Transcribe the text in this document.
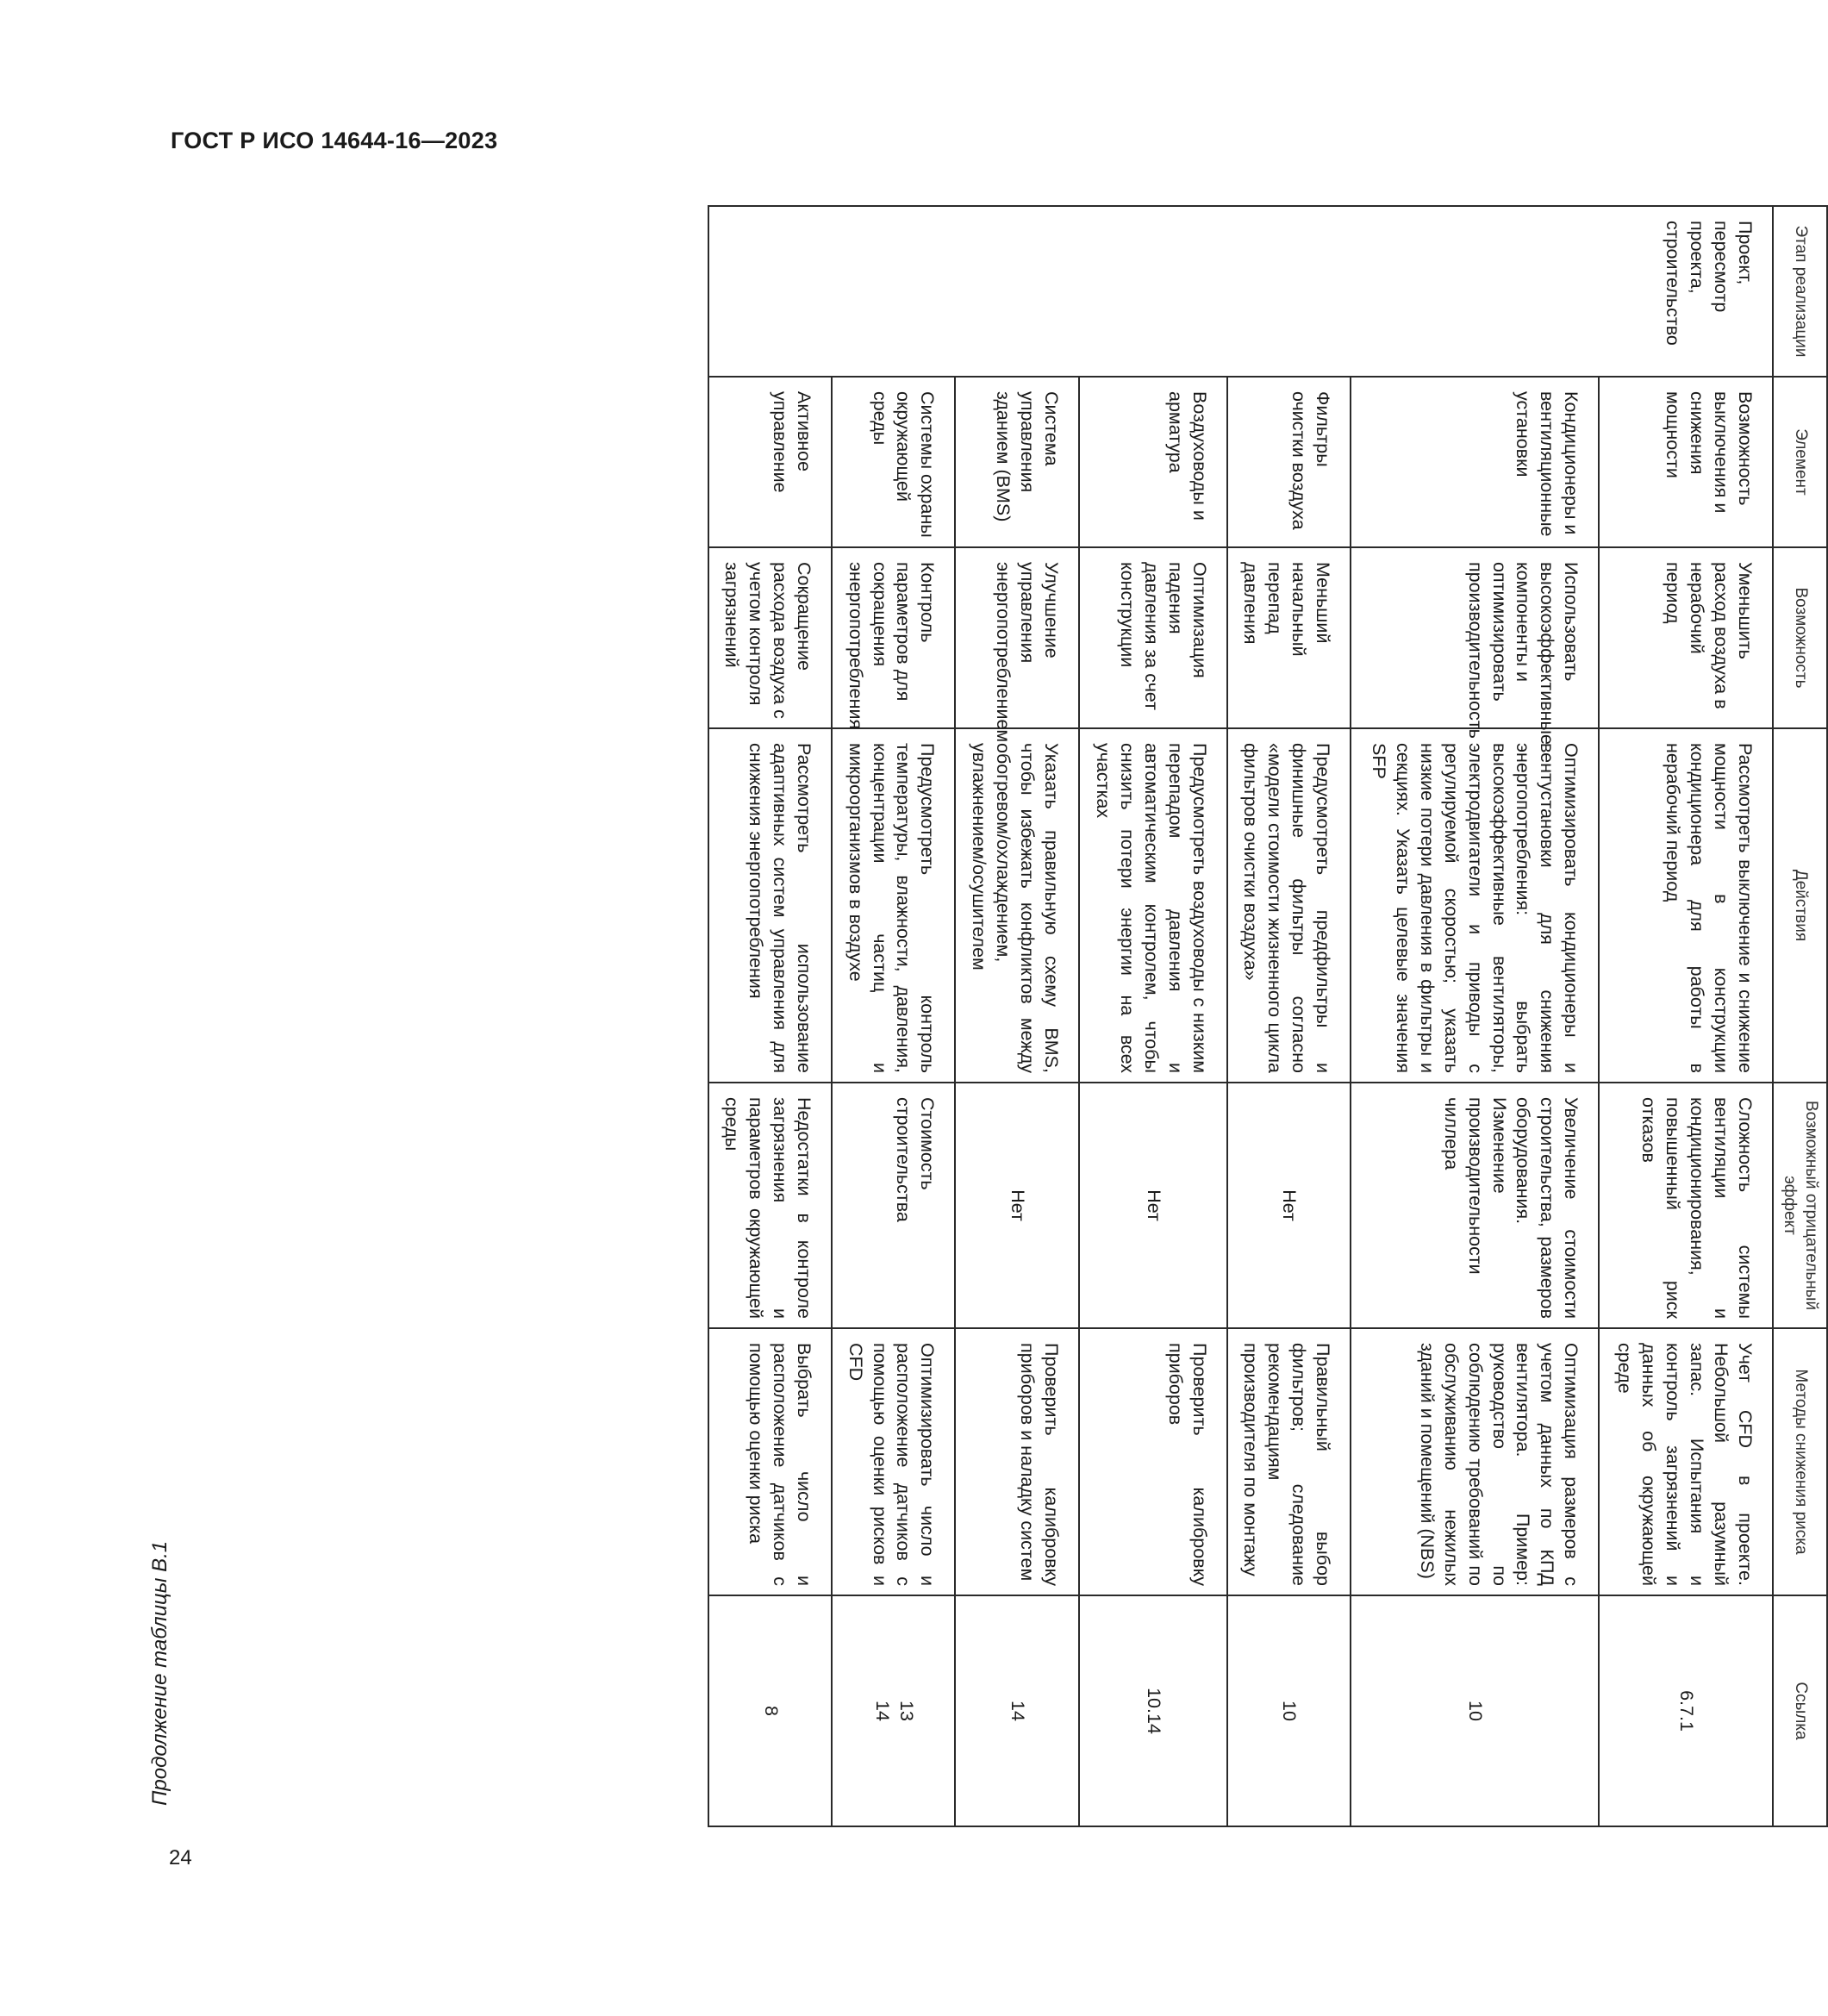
ГОСТ Р ИСО 14644-16—2023
Продолжение таблицы В.1
24
Этап реализации	Элемент	Возможность	Действия	Возможный отрицательный эффект	Методы снижения риска	Ссылка
Проект, пересмотр проекта, строительство	Возможность выключения и снижения мощности	Уменьшить расход воздуха в нерабочий период	Рассмотреть выключение и снижение мощности в конструкции кондиционера для работы в нерабочий период	Сложность системы вентиляции и кондиционирования, повышенный риск отказов	Учет CFD в проекте. Небольшой разумный запас. Испытания и контроль загрязнений и данных об окружающей среде	6.7.1
	Кондиционеры и вентиляционные установки	Использовать высокоэффективные компоненты и оптимизировать производительность	Оптимизировать кондиционеры и вентустановки для снижения энергопотребления: выбрать высокоэффективные вентиляторы, электродвигатели и приводы с регулируемой скоростью; указать низкие потери давления в фильтры и секциях. Указать целевые значения SFP	Увеличение стоимости строительства, размеров оборудования. Изменение производительности чиллера	Оптимизация размеров с учетом данных по КПД вентилятора. Пример: руководство по соблюдению требований по обслуживанию нежилых зданий и помещений (NBS)	10
	Фильтры очистки воздуха	Меньший начальный перепад давления	Предусмотреть предфильтры и финишные фильтры согласно «модели стоимости жизненного цикла фильтров очистки воздуха»	Нет	Правильный выбор фильтров; следование рекомендациям производителя по монтажу	10
	Воздуховоды и арматура	Оптимизация падения давления за счет конструкции	Предусмотреть воздуховоды с низким перепадом давления и автоматическим контролем, чтобы снизить потери энергии на всех участках	Нет	Проверить калибровку приборов	10.14
	Система управления зданием (BMS)	Улучшение управления энергопотреблением	Указать правильную схему BMS, чтобы избежать конфликтов между обогревом/охлаждением, увлажнением/осушителем	Нет	Проверить калибровку приборов и наладку систем	14
	Системы охраны окружающей среды	Контроль параметров для сокращения энергопотребления	Предусмотреть контроль температуры, влажности, давления, концентрации частиц и микроорганизмов в воздухе	Стоимость строительства	Оптимизировать число и расположение датчиков с помощью оценки рисков и CFD	13
14
	Активное управление	Сокращение расхода воздуха с учетом контроля загрязнений	Рассмотреть использование адаптивных систем управления для снижения энергопотребления	Недостатки в контроле загрязнения и параметров окружающей среды	Выбрать число и расположение датчиков с помощью оценки риска	8
